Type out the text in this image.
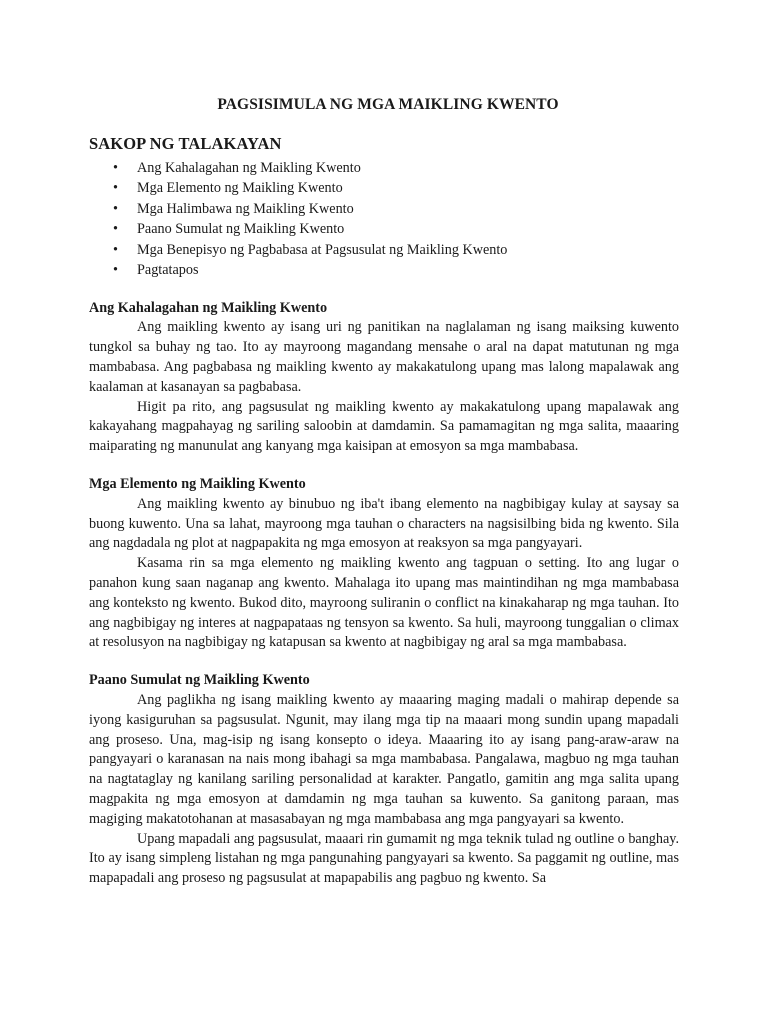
PAGSISIMULA NG MGA MAIKLING KWENTO
SAKOP NG TALAKAYAN
• Ang Kahalagahan ng Maikling Kwento
• Mga Elemento ng Maikling Kwento
• Mga Halimbawa ng Maikling Kwento
• Paano Sumulat ng Maikling Kwento
• Mga Benepisyo ng Pagbabasa at Pagsusulat ng Maikling Kwento
• Pagtatapos
Ang Kahalagahan ng Maikling Kwento

Ang maikling kwento ay isang uri ng panitikan na naglalaman ng isang maiksing kuwento tungkol sa buhay ng tao. Ito ay mayroong magandang mensahe o aral na dapat matutunan ng mga mambabasa. Ang pagbabasa ng maikling kwento ay makakatulong upang mas lalong mapalawak ang kaalaman at kasanayan sa pagbabasa.

Higit pa rito, ang pagsusulat ng maikling kwento ay makakatulong upang mapalawak ang kakayahang magpahayag ng sariling saloobin at damdamin. Sa pamamagitan ng mga salita, maaaring maiparating ng manunulat ang kanyang mga kaisipan at emosyon sa mga mambabasa.

Mga Elemento ng Maikling Kwento

Ang maikling kwento ay binubuo ng iba't ibang elemento na nagbibigay kulay at saysay sa buong kuwento. Una sa lahat, mayroong mga tauhan o characters na nagsisilbing bida ng kwento. Sila ang nagdadala ng plot at nagpapakita ng mga emosyon at reaksyon sa mga pangyayari.

Kasama rin sa mga elemento ng maikling kwento ang tagpuan o setting. Ito ang lugar o panahon kung saan naganap ang kwento. Mahalaga ito upang mas maintindihan ng mga mambabasa ang konteksto ng kwento. Bukod dito, mayroong suliranin o conflict na kinakaharap ng mga tauhan. Ito ang nagbibigay ng interes at nagpapataas ng tensyon sa kwento. Sa huli, mayroong tunggalian o climax at resolusyon na nagbibigay ng katapusan sa kwento at nagbibigay ng aral sa mga mambabasa.

Paano Sumulat ng Maikling Kwento

Ang paglikha ng isang maikling kwento ay maaaring maging madali o mahirap depende sa iyong kasiguruhan sa pagsusulat. Ngunit, may ilang mga tip na maaari mong sundin upang mapadali ang proseso. Una, mag-isip ng isang konsepto o ideya. Maaaring ito ay isang pang-araw-araw na pangyayari o karanasan na nais mong ibahagi sa mga mambabasa. Pangalawa, magbuo ng mga tauhan na nagtataglay ng kanilang sariling personalidad at karakter. Pangatlo, gamitin ang mga salita upang magpakita ng mga emosyon at damdamin ng mga tauhan sa kuwento. Sa ganitong paraan, mas magiging makatotohanan at masasabayan ng mga mambabasa ang mga pangyayari sa kwento.

Upang mapadali ang pagsusulat, maaari rin gumamit ng mga teknik tulad ng outline o banghay. Ito ay isang simpleng listahan ng mga pangunahing pangyayari sa kwento. Sa paggamit ng outline, mas mapapadali ang proseso ng pagsusulat at mapapabilis ang pagbuo ng kwento. Sa
